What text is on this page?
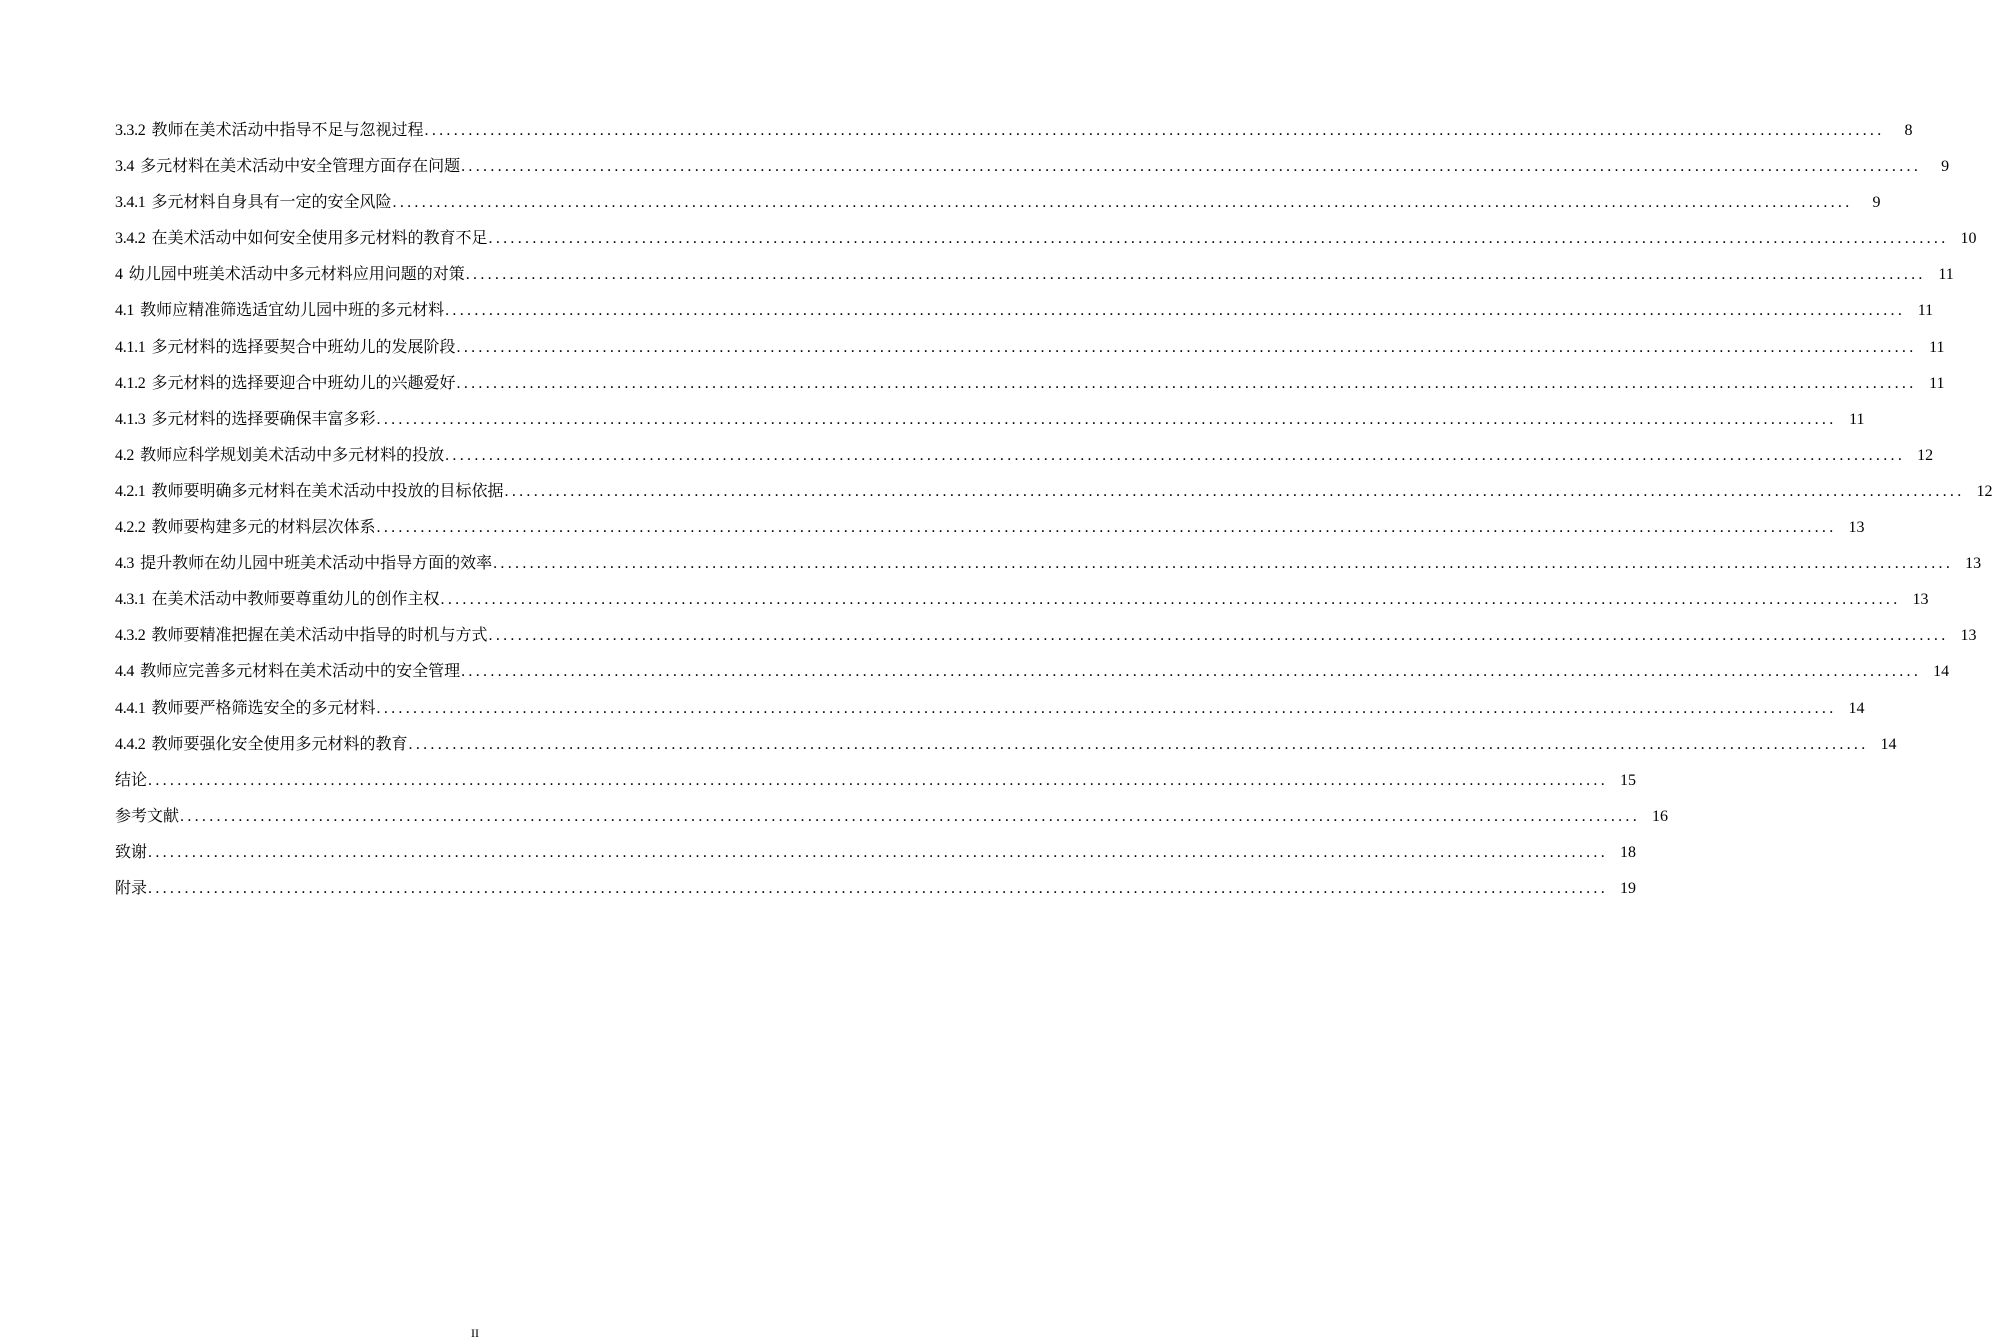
3.3.2 教师在美术活动中指导不足与忽视过程 ........................................................................................................................................................................................................	8
3.4 多元材料在美术活动中安全管理方面存在问题 ........................................................................................................................................................................................................	9
3.4.1 多元材料自身具有一定的安全风险 ........................................................................................................................................................................................................	9
3.4.2 在美术活动中如何安全使用多元材料的教育不足 ........................................................................................................................................................................................................ 10
4 幼儿园中班美术活动中多元材料应用问题的对策 ........................................................................................................................................................................................................ 11
4.1 教师应精准筛选适宜幼儿园中班的多元材料 ........................................................................................................................................................................................................ 11
4.1.1 多元材料的选择要契合中班幼儿的发展阶段 ........................................................................................................................................................................................................ 11
4.1.2 多元材料的选择要迎合中班幼儿的兴趣爱好 ........................................................................................................................................................................................................ 11
4.1.3 多元材料的选择要确保丰富多彩 ........................................................................................................................................................................................................ 11
4.2 教师应科学规划美术活动中多元材料的投放 ........................................................................................................................................................................................................ 12
4.2.1 教师要明确多元材料在美术活动中投放的目标依据 ........................................................................................................................................................................................................ 12
4.2.2 教师要构建多元的材料层次体系 ........................................................................................................................................................................................................ 13
4.3 提升教师在幼儿园中班美术活动中指导方面的效率 ........................................................................................................................................................................................................ 13
4.3.1 在美术活动中教师要尊重幼儿的创作主权 ........................................................................................................................................................................................................ 13
4.3.2 教师要精准把握在美术活动中指导的时机与方式 ........................................................................................................................................................................................................ 13
4.4 教师应完善多元材料在美术活动中的安全管理 ........................................................................................................................................................................................................ 14
4.4.1 教师要严格筛选安全的多元材料 ........................................................................................................................................................................................................ 14
4.4.2 教师要强化安全使用多元材料的教育 ........................................................................................................................................................................................................ 14
结论 ........................................................................................................................................................................................................ 15
参考文献 ........................................................................................................................................................................................................ 16
致谢 ........................................................................................................................................................................................................ 18
附录 ........................................................................................................................................................................................................ 19
II
